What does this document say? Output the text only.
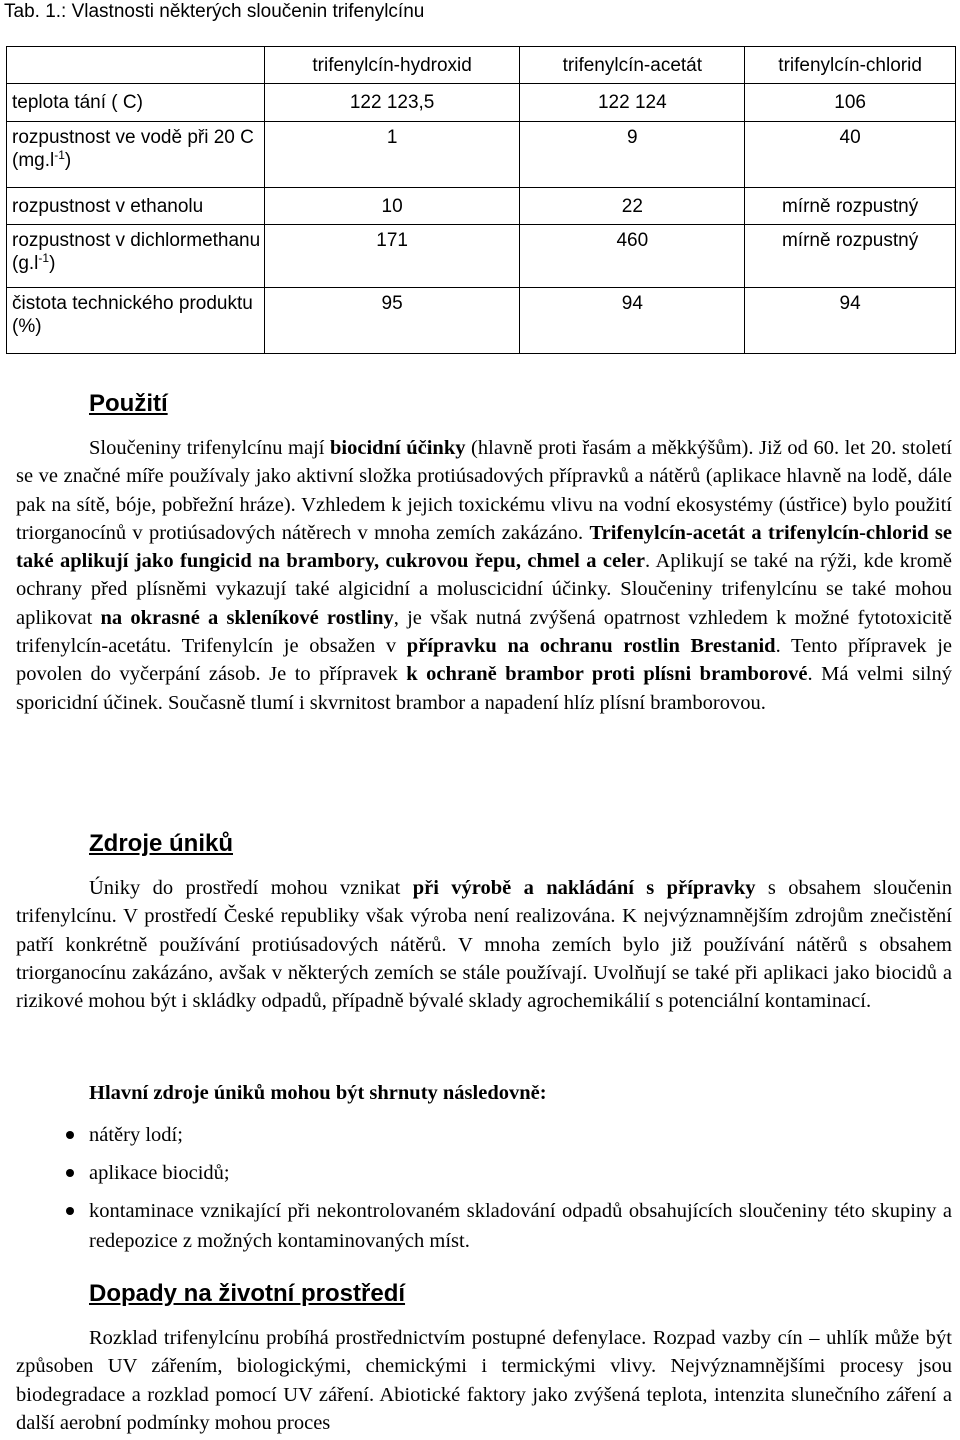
Tab. 1.: Vlastnosti některých sloučenin trifenylcínu
	trifenylcín-hydroxid	trifenylcín-acetát	trifenylcín-chlorid
teplota tání ( C)	122 123,5	122 124	106
rozpustnost ve vodě při 20 C $(mg.l^{-1})$	1	9	40
rozpustnost v ethanolu	10	22	mírně rozpustný
rozpustnost v dichlormethanu $(g.l^{-1})$	171	460	mírně rozpustný
čistota technického produktu (%)	95	94	94
Použití
Sloučeniny trifenylcínu mají biocidní účinky (hlavně proti řasám a měkkýšům). Již od 60. let 20. století se ve značné míře používaly jako aktivní složka protiúsadových přípravků a nátěrů (aplikace hlavně na lodě, dále pak na sítě, bóje, pobřežní hráze). Vzhledem k jejich toxickému vlivu na vodní ekosystémy (ústřice) bylo použití triorganocínů v protiúsadových nátěrech v mnoha zemích zakázáno. Trifenylcín-acetát a trifenylcín-chlorid se také aplikují jako fungicid na brambory, cukrovou řepu, chmel a celer. Aplikují se také na rýži, kde kromě ochrany před plísněmi vykazují také algicidní a moluscicidní účinky. Sloučeniny trifenylcínu se také mohou aplikovat na okrasné a skleníkové rostliny, je však nutná zvýšená opatrnost vzhledem k možné fytotoxicitě trifenylcín-acetátu. Trifenylcín je obsažen v přípravku na ochranu rostlin Brestanid. Tento přípravek je povolen do vyčerpání zásob. Je to přípravek k ochraně brambor proti plísni bramborové. Má velmi silný sporicidní účinek. Současně tlumí i skvrnitost brambor a napadení hlíz plísní bramborovou.
Zdroje úniků
Úniky do prostředí mohou vznikat při výrobě a nakládání s přípravky s obsahem sloučenin trifenylcínu. V prostředí České republiky však výroba není realizována. K nejvýznamnějším zdrojům znečistění patří konkrétně používání protiúsadových nátěrů. V mnoha zemích bylo již používání nátěrů s obsahem triorganocínu zakázáno, avšak v některých zemích se stále používají. Uvolňují se také při aplikaci jako biocidů a rizikové mohou být i skládky odpadů, případně bývalé sklady agrochemikálií s potenciální kontaminací.
Hlavní zdroje úniků mohou být shrnuty následovně:
nátěry lodí;
aplikace biocidů;
kontaminace vznikající při nekontrolovaném skladování odpadů obsahujících sloučeniny této skupiny a redepozice z možných kontaminovaných míst.
Dopady na životní prostředí
Rozklad trifenylcínu probíhá prostřednictvím postupné defenylace. Rozpad vazby cín – uhlík může být způsoben UV zářením, biologickými, chemickými i termickými vlivy. Nejvýznamnějšími procesy jsou biodegradace a rozklad pomocí UV záření. Abiotické faktory jako zvýšená teplota, intenzita slunečního záření a další aerobní podmínky mohou proces
